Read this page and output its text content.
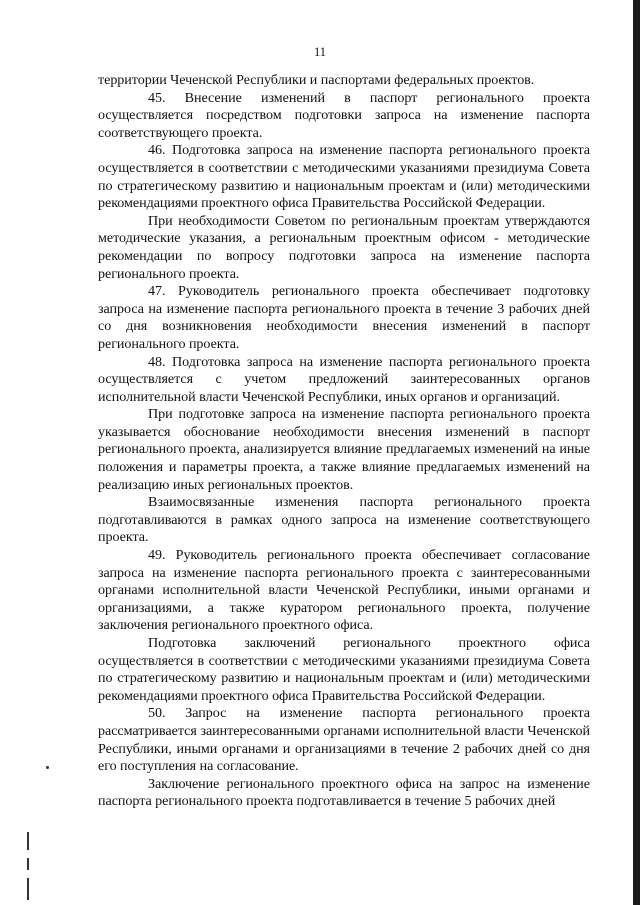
11

территории Чеченской Республики и паспортами федеральных проектов.

45. Внесение изменений в паспорт регионального проекта осуществляется посредством подготовки запроса на изменение паспорта соответствующего проекта.

46. Подготовка запроса на изменение паспорта регионального проекта осуществляется в соответствии с методическими указаниями президиума Совета по стратегическому развитию и национальным проектам и (или) методическими рекомендациями проектного офиса Правительства Российской Федерации.

При необходимости Советом по региональным проектам утверждаются методические указания, а региональным проектным офисом - методические рекомендации по вопросу подготовки запроса на изменение паспорта регионального проекта.

47. Руководитель регионального проекта обеспечивает подготовку запроса на изменение паспорта регионального проекта в течение 3 рабочих дней со дня возникновения необходимости внесения изменений в паспорт регионального проекта.

48. Подготовка запроса на изменение паспорта регионального проекта осуществляется с учетом предложений заинтересованных органов исполнительной власти Чеченской Республики, иных органов и организаций.

При подготовке запроса на изменение паспорта регионального проекта указывается обоснование необходимости внесения изменений в паспорт регионального проекта, анализируется влияние предлагаемых изменений на иные положения и параметры проекта, а также влияние предлагаемых изменений на реализацию иных региональных проектов.

Взаимосвязанные изменения паспорта регионального проекта подготавливаются в рамках одного запроса на изменение соответствующего проекта.

49. Руководитель регионального проекта обеспечивает согласование запроса на изменение паспорта регионального проекта с заинтересованными органами исполнительной власти Чеченской Республики, иными органами и организациями, а также куратором регионального проекта, получение заключения регионального проектного офиса.

Подготовка заключений регионального проектного офиса осуществляется в соответствии с методическими указаниями президиума Совета по стратегическому развитию и национальным проектам и (или) методическими рекомендациями проектного офиса Правительства Российской Федерации.

50. Запрос на изменение паспорта регионального проекта рассматривается заинтересованными органами исполнительной власти Чеченской Республики, иными органами и организациями в течение 2 рабочих дней со дня его поступления на согласование.

Заключение регионального проектного офиса на запрос на изменение паспорта регионального проекта подготавливается в течение 5 рабочих дней
